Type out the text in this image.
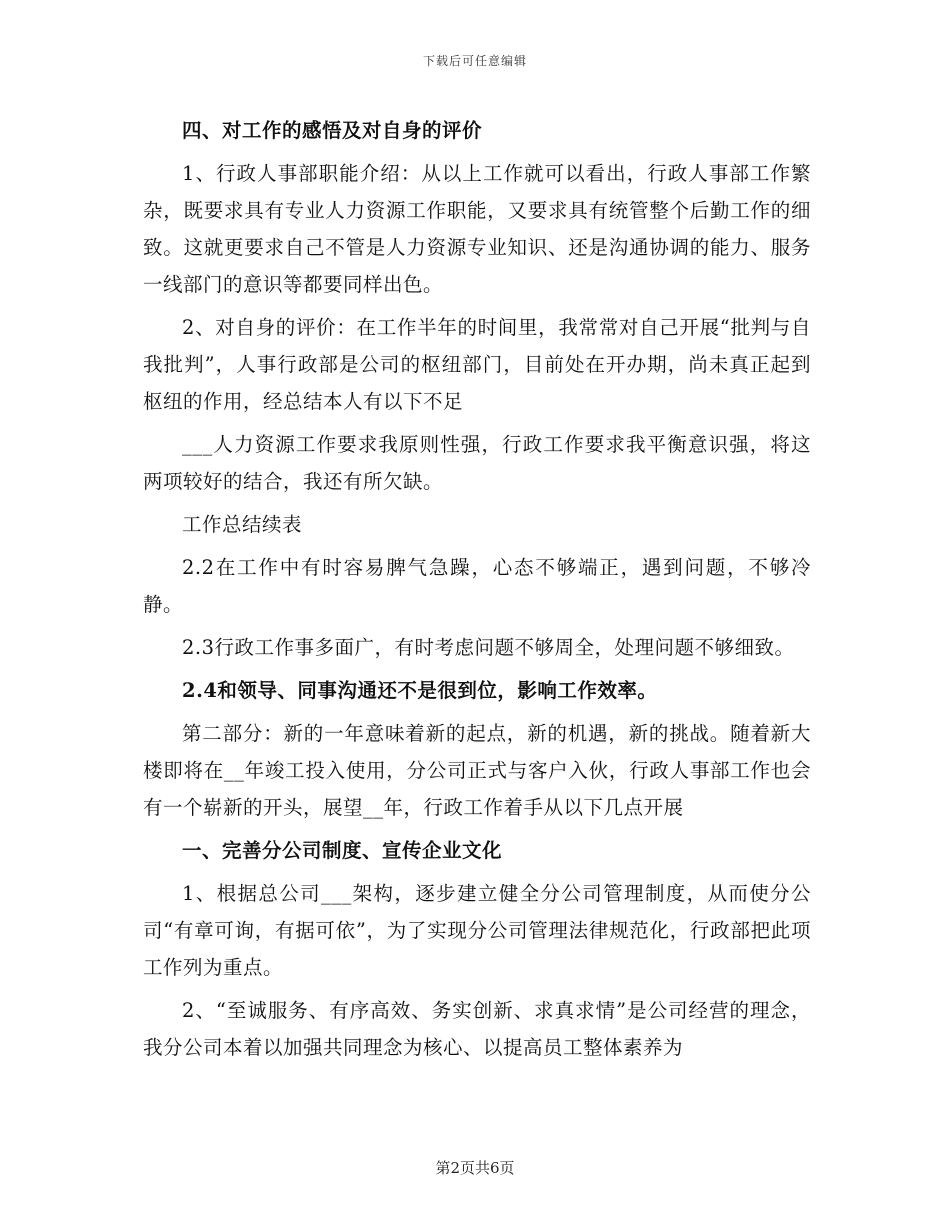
下载后可任意编辑

四、对工作的感悟及对自身的评价

1、行政人事部职能介绍：从以上工作就可以看出，行政人事部工作繁杂，既要求具有专业人力资源工作职能，又要求具有统管整个后勤工作的细致。这就更要求自己不管是人力资源专业知识、还是沟通协调的能力、服务一线部门的意识等都要同样出色。

2、对自身的评价：在工作半年的时间里，我常常对自己开展“批判与自我批判”，人事行政部是公司的枢纽部门，目前处在开办期，尚未真正起到枢纽的作用，经总结本人有以下不足

___人力资源工作要求我原则性强，行政工作要求我平衡意识强，将这两项较好的结合，我还有所欠缺。

工作总结续表

2.2在工作中有时容易脾气急躁，心态不够端正，遇到问题，不够冷静。

2.3行政工作事多面广，有时考虑问题不够周全，处理问题不够细致。

2.4和领导、同事沟通还不是很到位，影响工作效率。

第二部分：新的一年意味着新的起点，新的机遇，新的挑战。随着新大楼即将在__年竣工投入使用，分公司正式与客户入伙，行政人事部工作也会有一个崭新的开头，展望__年，行政工作着手从以下几点开展

一、完善分公司制度、宣传企业文化

1、根据总公司___架构，逐步建立健全分公司管理制度，从而使分公司“有章可询，有据可依”，为了实现分公司管理法律规范化，行政部把此项工作列为重点。

2、“至诚服务、有序高效、务实创新、求真求情”是公司经营的理念，我分公司本着以加强共同理念为核心、以提高员工整体素养为

第2页共6页
